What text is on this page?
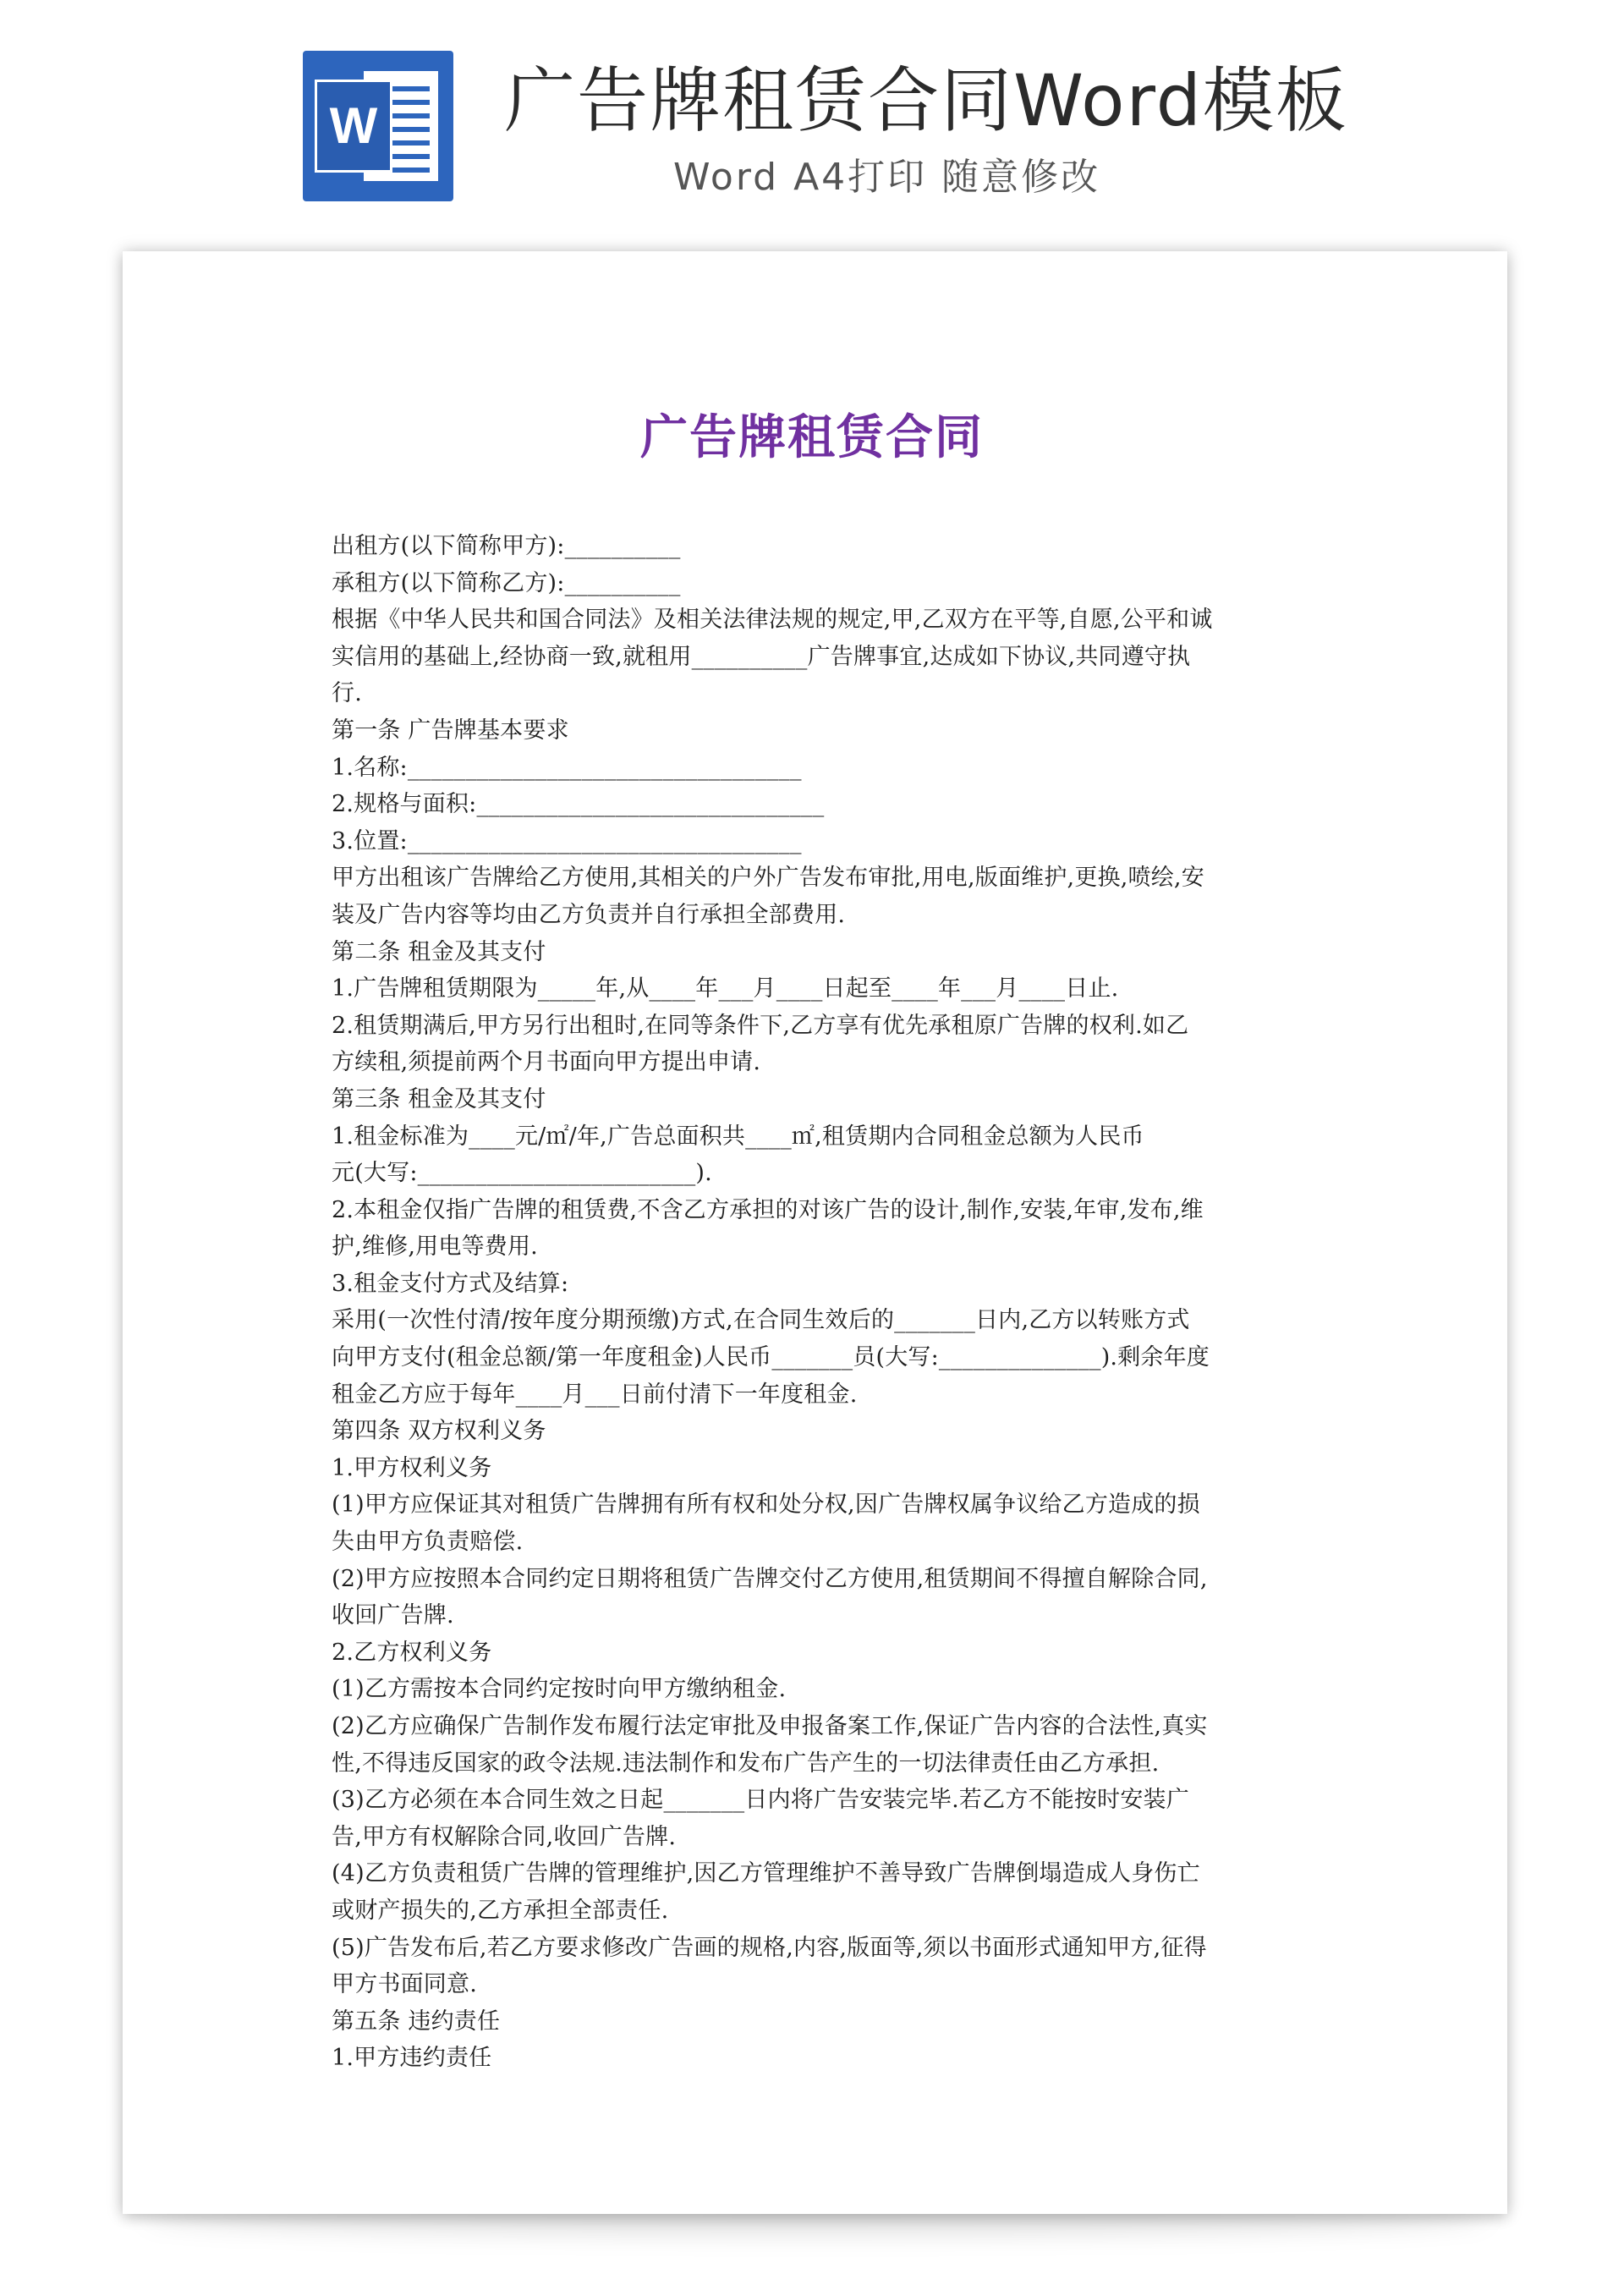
W 广告牌租赁合同Word模板
Word A4打印 随意修改
广告牌租赁合同
出租方(以下简称甲方):__________
承租方(以下简称乙方):__________
根据《中华人民共和国合同法》及相关法律法规的规定,甲,乙双方在平等,自愿,公平和诚
实信用的基础上,经协商一致,就租用__________广告牌事宜,达成如下协议,共同遵守执
行.
第一条 广告牌基本要求
1.名称:__________________________________
2.规格与面积:______________________________
3.位置:__________________________________
甲方出租该广告牌给乙方使用,其相关的户外广告发布审批,用电,版面维护,更换,喷绘,安
装及广告内容等均由乙方负责并自行承担全部费用.
第二条 租金及其支付
1.广告牌租赁期限为_____年,从____年___月____日起至____年___月____日止.
2.租赁期满后,甲方另行出租时,在同等条件下,乙方享有优先承租原广告牌的权利.如乙
方续租,须提前两个月书面向甲方提出申请.
第三条 租金及其支付
1.租金标准为____元/㎡/年,广告总面积共____㎡,租赁期内合同租金总额为人民币
元(大写:________________________).
2.本租金仅指广告牌的租赁费,不含乙方承担的对该广告的设计,制作,安装,年审,发布,维
护,维修,用电等费用.
3.租金支付方式及结算:
采用(一次性付清/按年度分期预缴)方式,在合同生效后的_______日内,乙方以转账方式
向甲方支付(租金总额/第一年度租金)人民币_______员(大写:______________).剩余年度
租金乙方应于每年____月___日前付清下一年度租金.
第四条 双方权利义务
1.甲方权利义务
(1)甲方应保证其对租赁广告牌拥有所有权和处分权,因广告牌权属争议给乙方造成的损
失由甲方负责赔偿.
(2)甲方应按照本合同约定日期将租赁广告牌交付乙方使用,租赁期间不得擅自解除合同,
收回广告牌.
2.乙方权利义务
(1)乙方需按本合同约定按时向甲方缴纳租金.
(2)乙方应确保广告制作发布履行法定审批及申报备案工作,保证广告内容的合法性,真实
性,不得违反国家的政令法规.违法制作和发布广告产生的一切法律责任由乙方承担.
(3)乙方必须在本合同生效之日起_______日内将广告安装完毕.若乙方不能按时安装广
告,甲方有权解除合同,收回广告牌.
(4)乙方负责租赁广告牌的管理维护,因乙方管理维护不善导致广告牌倒塌造成人身伤亡
或财产损失的,乙方承担全部责任.
(5)广告发布后,若乙方要求修改广告画的规格,内容,版面等,须以书面形式通知甲方,征得
甲方书面同意.
第五条 违约责任
1.甲方违约责任
